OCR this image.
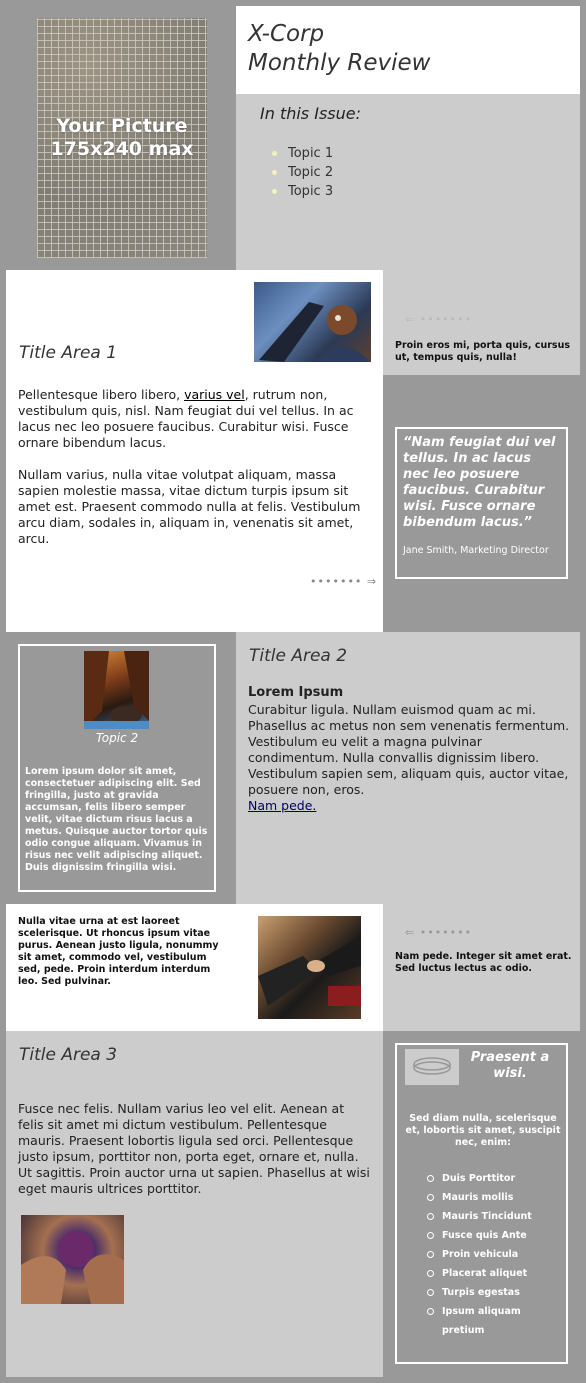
Your Picture
175x240 max
X-Corp
Monthly Review
In this Issue:
Topic 1
Topic 2
Topic 3
Title Area 1

Pellentesque libero libero, varius vel, rutrum non, vestibulum quis, nisl. Nam feugiat dui vel tellus. In ac lacus nec leo posuere faucibus. Curabitur wisi. Fusce ornare bibendum lacus.

Nullam varius, nulla vitae volutpat aliquam, massa sapien molestie massa, vitae dictum turpis ipsum sit amet est. Praesent commodo nulla at felis. Vestibulum arcu diam, sodales in, aliquam in, venenatis sit amet, arcu.

••••••• ⇒
⇐ •••••••
Proin eros mi, porta quis, cursus ut, tempus quis, nulla!
“Nam feugiat dui vel tellus. In ac lacus nec leo posuere faucibus. Curabitur wisi. Fusce ornare bibendum lacus.”
Jane Smith, Marketing Director
Topic 2
Lorem ipsum dolor sit amet, consectetuer adipiscing elit. Sed fringilla, justo at gravida accumsan, felis libero semper velit, vitae dictum risus lacus a metus. Quisque auctor tortor quis odio congue aliquam. Vivamus in risus nec velit adipiscing aliquet. Duis dignissim fringilla wisi.
Title Area 2
Lorem Ipsum
Curabitur ligula. Nullam euismod quam ac mi. Phasellus ac metus non sem venenatis fermentum. Vestibulum eu velit a magna pulvinar condimentum. Nulla convallis dignissim libero. Vestibulum sapien sem, aliquam quis, auctor vitae, posuere non, eros.
Nam pede.
Nulla vitae urna at est laoreet scelerisque. Ut rhoncus ipsum vitae purus. Aenean justo ligula, nonummy sit amet, commodo vel, vestibulum sed, pede. Proin interdum interdum leo. Sed pulvinar.
⇐ •••••••
Nam pede. Integer sit amet erat. Sed luctus lectus ac odio.
Title Area 3
Fusce nec felis. Nullam varius leo vel elit. Aenean at felis sit amet mi dictum vestibulum. Pellentesque mauris. Praesent lobortis ligula sed orci. Pellentesque justo ipsum, porttitor non, porta eget, ornare et, nulla. Ut sagittis. Proin auctor urna ut sapien. Phasellus at wisi eget mauris ultrices porttitor.
Praesent a wisi.
Sed diam nulla, scelerisque et, lobortis sit amet, suscipit nec, enim:
Duis Porttitor
Mauris mollis
Mauris Tincidunt
Fusce quis Ante
Proin vehicula
Placerat aliquet
Turpis egestas
Ipsum aliquam pretium
